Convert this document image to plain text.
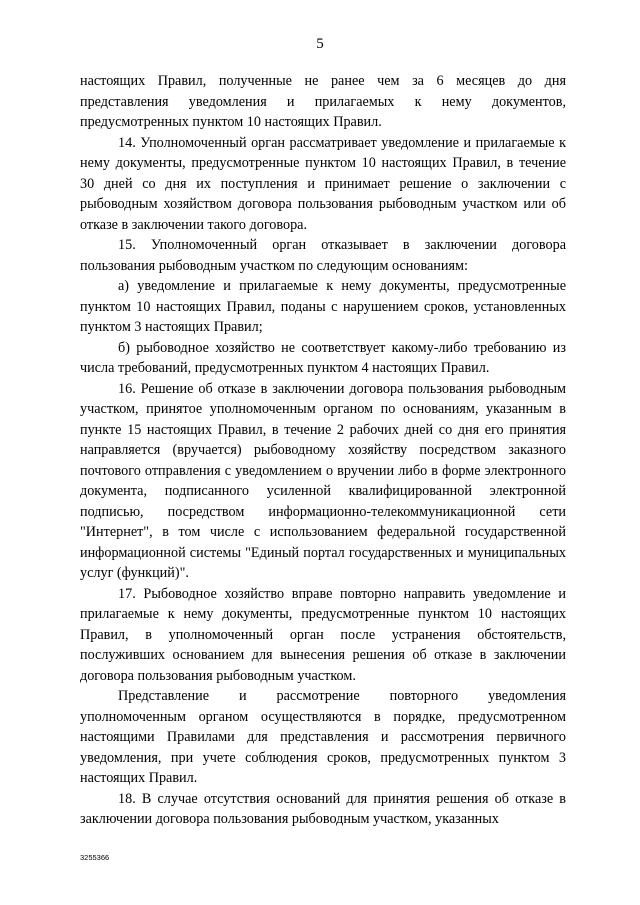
5

настоящих Правил, полученные не ранее чем за 6 месяцев до дня представления уведомления и прилагаемых к нему документов, предусмотренных пунктом 10 настоящих Правил.

14. Уполномоченный орган рассматривает уведомление и прилагаемые к нему документы, предусмотренные пунктом 10 настоящих Правил, в течение 30 дней со дня их поступления и принимает решение о заключении с рыбоводным хозяйством договора пользования рыбоводным участком или об отказе в заключении такого договора.

15. Уполномоченный орган отказывает в заключении договора пользования рыбоводным участком по следующим основаниям:

а) уведомление и прилагаемые к нему документы, предусмотренные пунктом 10 настоящих Правил, поданы с нарушением сроков, установленных пунктом 3 настоящих Правил;

б) рыбоводное хозяйство не соответствует какому-либо требованию из числа требований, предусмотренных пунктом 4 настоящих Правил.

16. Решение об отказе в заключении договора пользования рыбоводным участком, принятое уполномоченным органом по основаниям, указанным в пункте 15 настоящих Правил, в течение 2 рабочих дней со дня его принятия направляется (вручается) рыбоводному хозяйству посредством заказного почтового отправления с уведомлением о вручении либо в форме электронного документа, подписанного усиленной квалифицированной электронной подписью, посредством информационно-телекоммуникационной сети "Интернет", в том числе с использованием федеральной государственной информационной системы "Единый портал государственных и муниципальных услуг (функций)".

17. Рыбоводное хозяйство вправе повторно направить уведомление и прилагаемые к нему документы, предусмотренные пунктом 10 настоящих Правил, в уполномоченный орган после устранения обстоятельств, послуживших основанием для вынесения решения об отказе в заключении договора пользования рыбоводным участком.

Представление и рассмотрение повторного уведомления уполномоченным органом осуществляются в порядке, предусмотренном настоящими Правилами для представления и рассмотрения первичного уведомления, при учете соблюдения сроков, предусмотренных пунктом 3 настоящих Правил.

18. В случае отсутствия оснований для принятия решения об отказе в заключении договора пользования рыбоводным участком, указанных

3255366
